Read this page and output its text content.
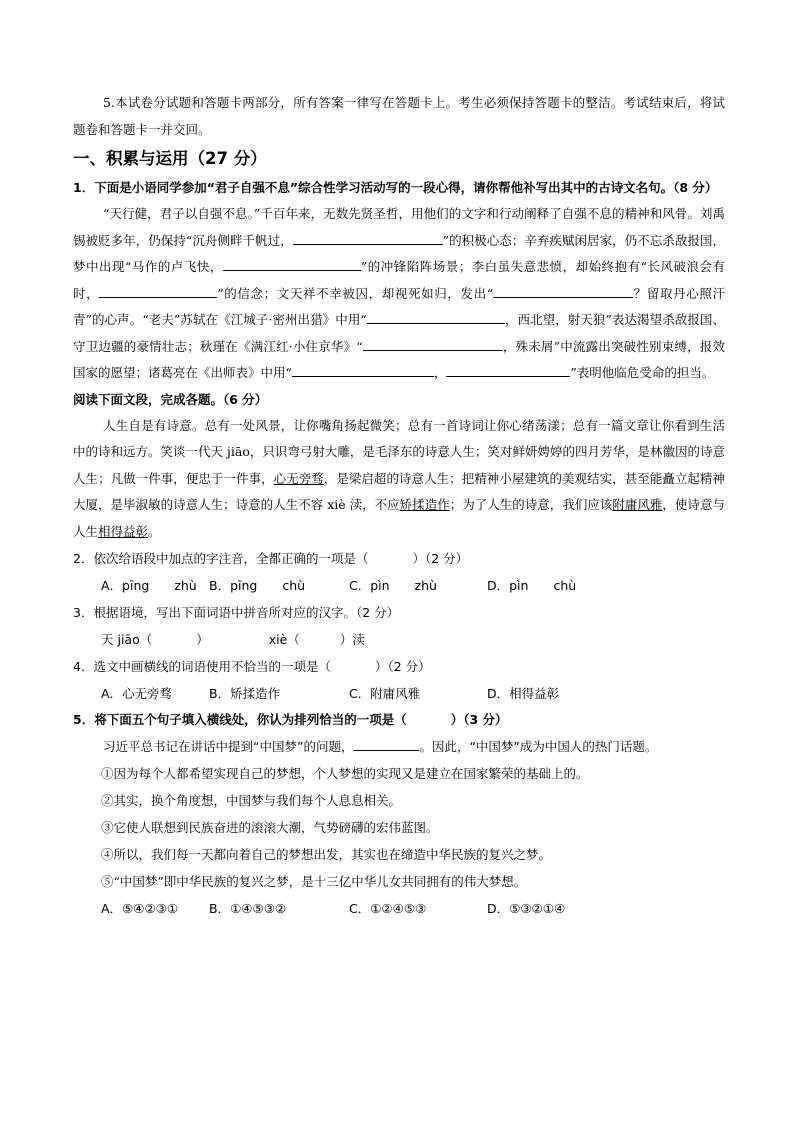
5.本试卷分试题和答题卡两部分，所有答案一律写在答题卡上。考生必须保持答题卡的整洁。考试结束后，将试题卷和答题卡一并交回。
一、积累与运用（27 分）
1．下面是小语同学参加“君子自强不息”综合性学习活动写的一段心得，请你帮他补写出其中的古诗文名句。（8 分）
“天行健，君子以自强不息。”千百年来，无数先贤圣哲，用他们的文字和行动阐释了自强不息的精神和风骨。刘禹锡被贬多年，仍保持“沉舟侧畔千帆过，	”的积极心态；辛弃疾赋闲居家，仍不忘杀敌报国，梦中出现“马作的卢飞快，	”的冲锋陷阵场景；李白虽失意悲愤，却始终抱有“长风破浪会有时，	”的信念；文天祥不幸被囚，却视死如归，发出“	？留取丹心照汗青”的心声。“老夫”苏轼在《江城子·密州出猎》中用“	，西北望，射天狼”表达渴望杀敌报国、守卫边疆的豪情壮志；秋瑾在《满江红·小住京华》“	，殊未屑”中流露出突破性别束缚，报效国家的愿望；诸葛亮在《出师表》中用“	，	”表明他临危受命的担当。
阅读下面文段，完成各题。（6 分）
人生自是有诗意。总有一处风景，让你嘴角扬起微笑；总有一首诗词让你心绪荡漾；总有一篇文章让你看到生活中的诗和远方。笑谈一代天 jiāo，只识弯弓射大雕，是毛泽东的诗意人生；笑对鲜妍娉婷的四月芳华，是林徽因的诗意人生；凡做一件事，便忠于一件事，心无旁骛，是梁启超的诗意人生；把精神小屋建筑的美观结实，甚至能矗立起精神大厦，是毕淑敏的诗意人生；诗意的人生不容 xiè 渎，不应矫揉造作；为了人生的诗意，我们应该附庸风雅，使诗意与人生相得益彰。
2．依次给语段中加点的字注音，全都正确的一项是（	）（2 分）
A．pīng　　zhù B．pīng　　chù	C．pìn　　zhù	D．pìn　　chù
3．根据语境，写出下面词语中拼音所对应的汉字。（2 分）
天 jiāo（	）	xiè（	）渎
4．选文中画横线的词语使用不恰当的一项是（	）（2 分）
A．心无旁骛	B．矫揉造作	C．附庸风雅	D．相得益彰
5．将下面五个句子填入横线处，你认为排列恰当的一项是（	）（3 分）
习近平总书记在讲话中提到“中国梦”的问题，	。因此，“中国梦”成为中国人的热门话题。
①因为每个人都希望实现自己的梦想，个人梦想的实现又是建立在国家繁荣的基础上的。
②其实，换个角度想，中国梦与我们每个人息息相关。
③它使人联想到民族奋进的滚滚大潮，气势磅礴的宏伟蓝图。
④所以，我们每一天都向着自己的梦想出发，其实也在缔造中华民族的复兴之梦。
⑤“中国梦”即中华民族的复兴之梦，是十三亿中华儿女共同拥有的伟大梦想。
A．⑤④②③①	B．①④⑤③②	C．①②④⑤③	D．⑤③②①④
